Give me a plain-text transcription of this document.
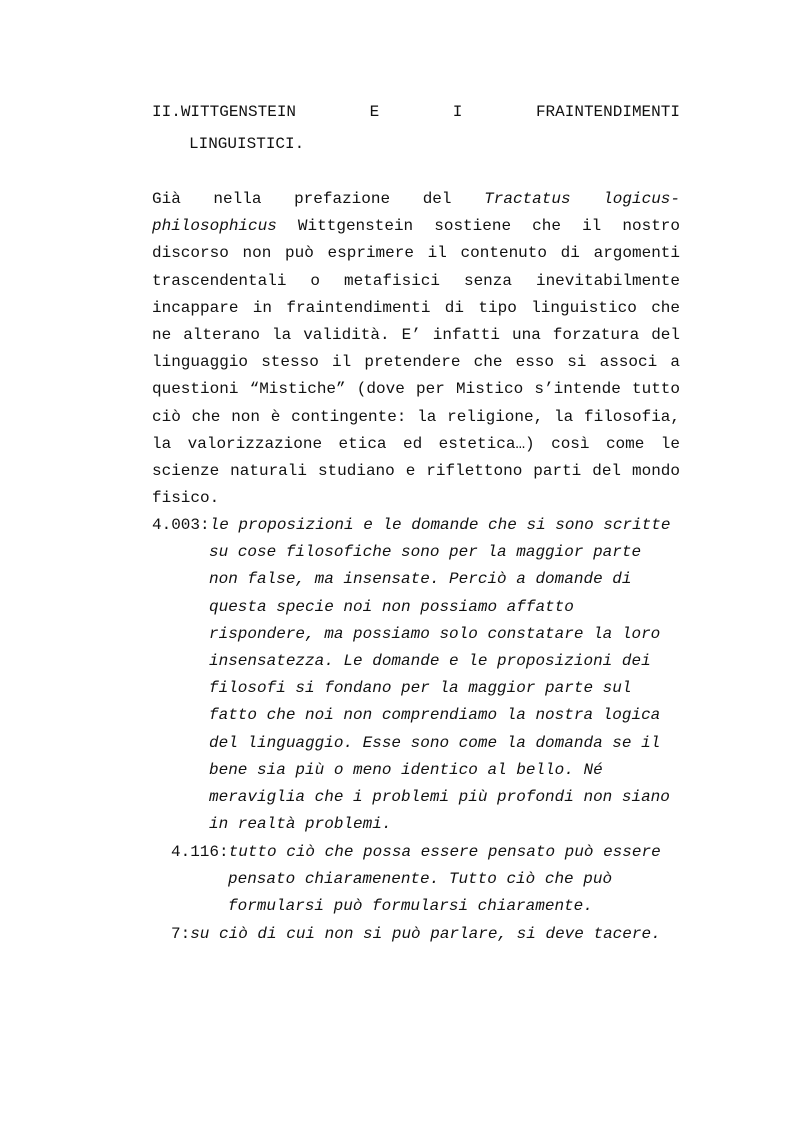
II.WITTGENSTEIN	E	I	FRAINTENDIMENTI
LINGUISTICI.
Già nella prefazione del Tractatus logicus-philosophicus Wittgenstein sostiene che il nostro discorso non può esprimere il contenuto di argomenti trascendentali o metafisici senza inevitabilmente incappare in fraintendimenti di tipo linguistico che ne alterano la validità. E’ infatti una forzatura del linguaggio stesso il pretendere che esso si associ a questioni “Mistiche” (dove per Mistico s’intende tutto ciò che non è contingente: la religione, la filosofia, la valorizzazione etica ed estetica…) così come le scienze naturali studiano e riflettono parti del mondo fisico.
4.003:le proposizioni e le domande che si sono scritte
su cose filosofiche sono per la maggior parte
non false, ma insensate. Perciò a domande di
questa specie noi non possiamo affatto
rispondere, ma possiamo solo constatare la loro
insensatezza. Le domande e le proposizioni dei
filosofi si fondano per la maggior parte sul
fatto che noi non comprendiamo la nostra logica
del linguaggio. Esse sono come la domanda se il
bene sia più o meno identico al bello. Né
meraviglia che i problemi più profondi non siano
in realtà problemi.
4.116:tutto ciò che possa essere pensato può essere
pensato chiaramenente. Tutto ciò che può
formularsi può formularsi chiaramente.
7:su ciò di cui non si può parlare, si deve tacere.
